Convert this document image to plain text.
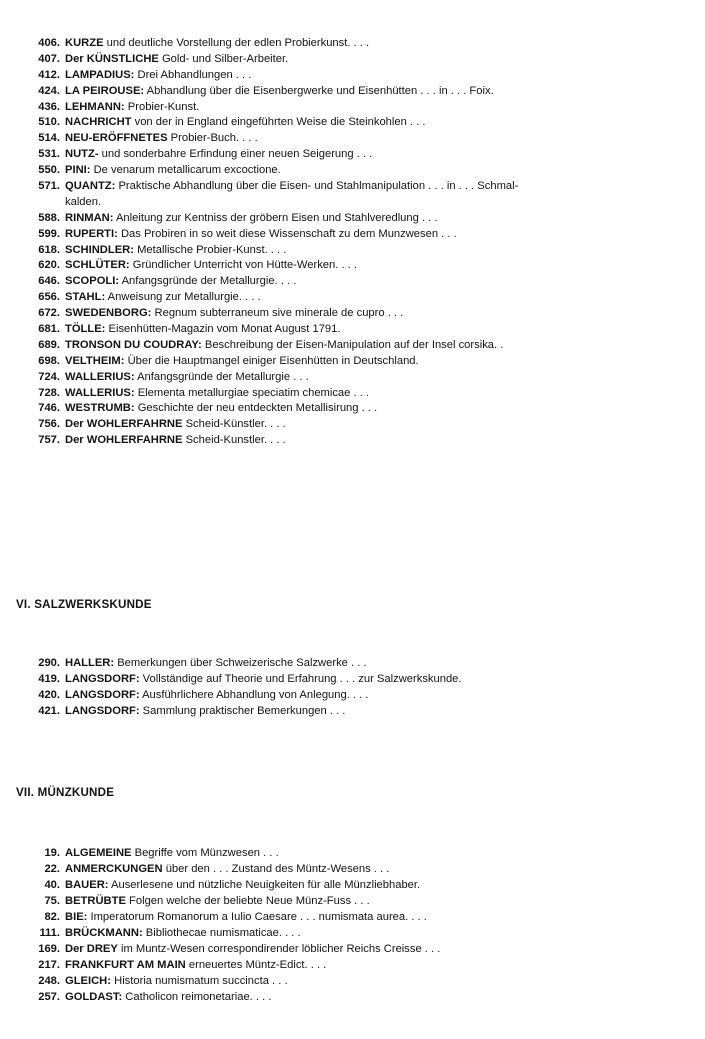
406. KURZE und deutliche Vorstellung der edlen Probierkunst. . . .
407. Der KÜNSTLICHE Gold- und Silber-Arbeiter.
412. LAMPADIUS: Drei Abhandlungen . . .
424. LA PEIROUSE: Abhandlung über die Eisenbergwerke und Eisenhütten . . . in . . . Foix.
436. LEHMANN: Probier-Kunst.
510. NACHRICHT von der in England eingeführten Weise die Steinkohlen . . .
514. NEU-ERÖFFNETES Probier-Buch. . . .
531. NUTZ- und sonderbahre Erfindung einer neuen Seigerung . . .
550. PINI: De venarum metallicarum excoctione.
571. QUANTZ: Praktische Abhandlung über die Eisen- und Stahlmanipulation . . . in . . . Schmal-
kalden.
588. RINMAN: Anleitung zur Kentniss der gröbern Eisen und Stahlveredlung . . .
599. RUPERTI: Das Probiren in so weit diese Wissenschaft zu dem Munzwesen . . .
618. SCHINDLER: Metallische Probier-Kunst. . . .
620. SCHLÜTER: Gründlicher Unterricht von Hütte-Werken. . . .
646. SCOPOLI: Anfangsgründe der Metallurgie. . . .
656. STAHL: Anweisung zur Metallurgie. . . .
672. SWEDENBORG: Regnum subterraneum sive minerale de cupro . . .
681. TÖLLE: Eisenhütten-Magazin vom Monat August 1791.
689. TRONSON DU COUDRAY: Beschreibung der Eisen-Manipulation auf der Insel corsika. .
698. VELTHEIM: Über die Hauptmangel einiger Eisenhütten in Deutschland.
724. WALLERIUS: Anfangsgründe der Metallurgie . . .
728. WALLERIUS: Elementa metallurgiae speciatim chemicae . . .
746. WESTRUMB: Geschichte der neu entdeckten Metallisirung . . .
756. Der WOHLERFAHRNE Scheid-Künstler. . . .
757. Der WOHLERFAHRNE Scheid-Kunstler. . . .
VI. SALZWERKSKUNDE
290. HALLER: Bemerkungen über Schweizerische Salzwerke . . .
419. LANGSDORF: Vollständige auf Theorie und Erfahrung . . . zur Salzwerkskunde.
420. LANGSDORF: Ausführlichere Abhandlung von Anlegung. . . .
421. LANGSDORF: Sammlung praktischer Bemerkungen . . .
VII. MÜNZKUNDE
19. ALGEMEINE Begriffe vom Münzwesen . . .
22. ANMERCKUNGEN über den . . . Zustand des Müntz-Wesens . . .
40. BAUER: Auserlesene und nützliche Neuigkeiten für alle Münzliebhaber.
75. BETRÜBTE Folgen welche der beliebte Neue Münz-Fuss . . .
82. BIE: Imperatorum Romanorum a Iulio Caesare . . . numismata aurea. . . .
111. BRÜCKMANN: Bibliothecae numismaticae. . . .
169. Der DREY im Muntz-Wesen correspondirender löblicher Reichs Creisse . . .
217. FRANKFURT AM MAIN erneuertes Müntz-Edict. . . .
248. GLEICH: Historia numismatum succincta . . .
257. GOLDAST: Catholicon reimonetariae. . . .
